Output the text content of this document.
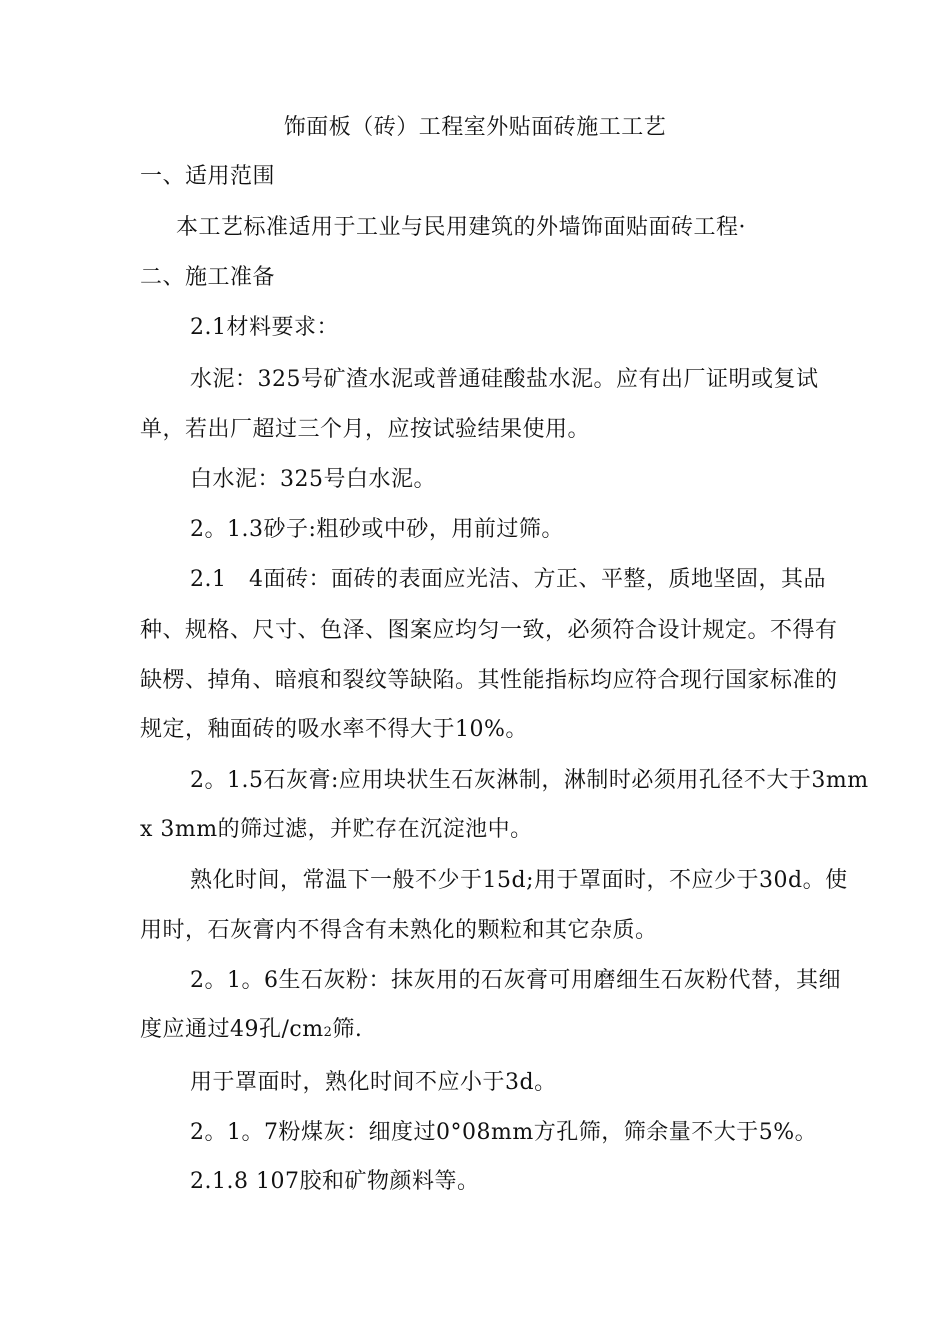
饰面板（砖）工程室外贴面砖施工工艺
一、适用范围
本工艺标准适用于工业与民用建筑的外墙饰面贴面砖工程·
二、施工准备
2.1材料要求：
水泥：325号矿渣水泥或普通硅酸盐水泥。应有出厂证明或复试
单，若出厂超过三个月，应按试验结果使用。
白水泥：325号白水泥。
2。1.3砂子:粗砂或中砂，用前过筛。
2.1　4面砖：面砖的表面应光洁、方正、平整，质地坚固，其品
种、规格、尺寸、色泽、图案应均匀一致，必须符合设计规定。不得有
缺楞、掉角、暗痕和裂纹等缺陷。其性能指标均应符合现行国家标准的
规定，釉面砖的吸水率不得大于10%。
2。1.5石灰膏:应用块状生石灰淋制，淋制时必须用孔径不大于3mm
x 3mm的筛过滤，并贮存在沉淀池中。
熟化时间，常温下一般不少于15d;用于罩面时，不应少于30d。使
用时，石灰膏内不得含有未熟化的颗粒和其它杂质。
2。1。6生石灰粉：抹灰用的石灰膏可用磨细生石灰粉代替，其细
度应通过49孔/cm2筛.
用于罩面时，熟化时间不应小于3d。
2。1。7粉煤灰：细度过0°08mm方孔筛，筛余量不大于5%。
2.1.8 107胶和矿物颜料等。
